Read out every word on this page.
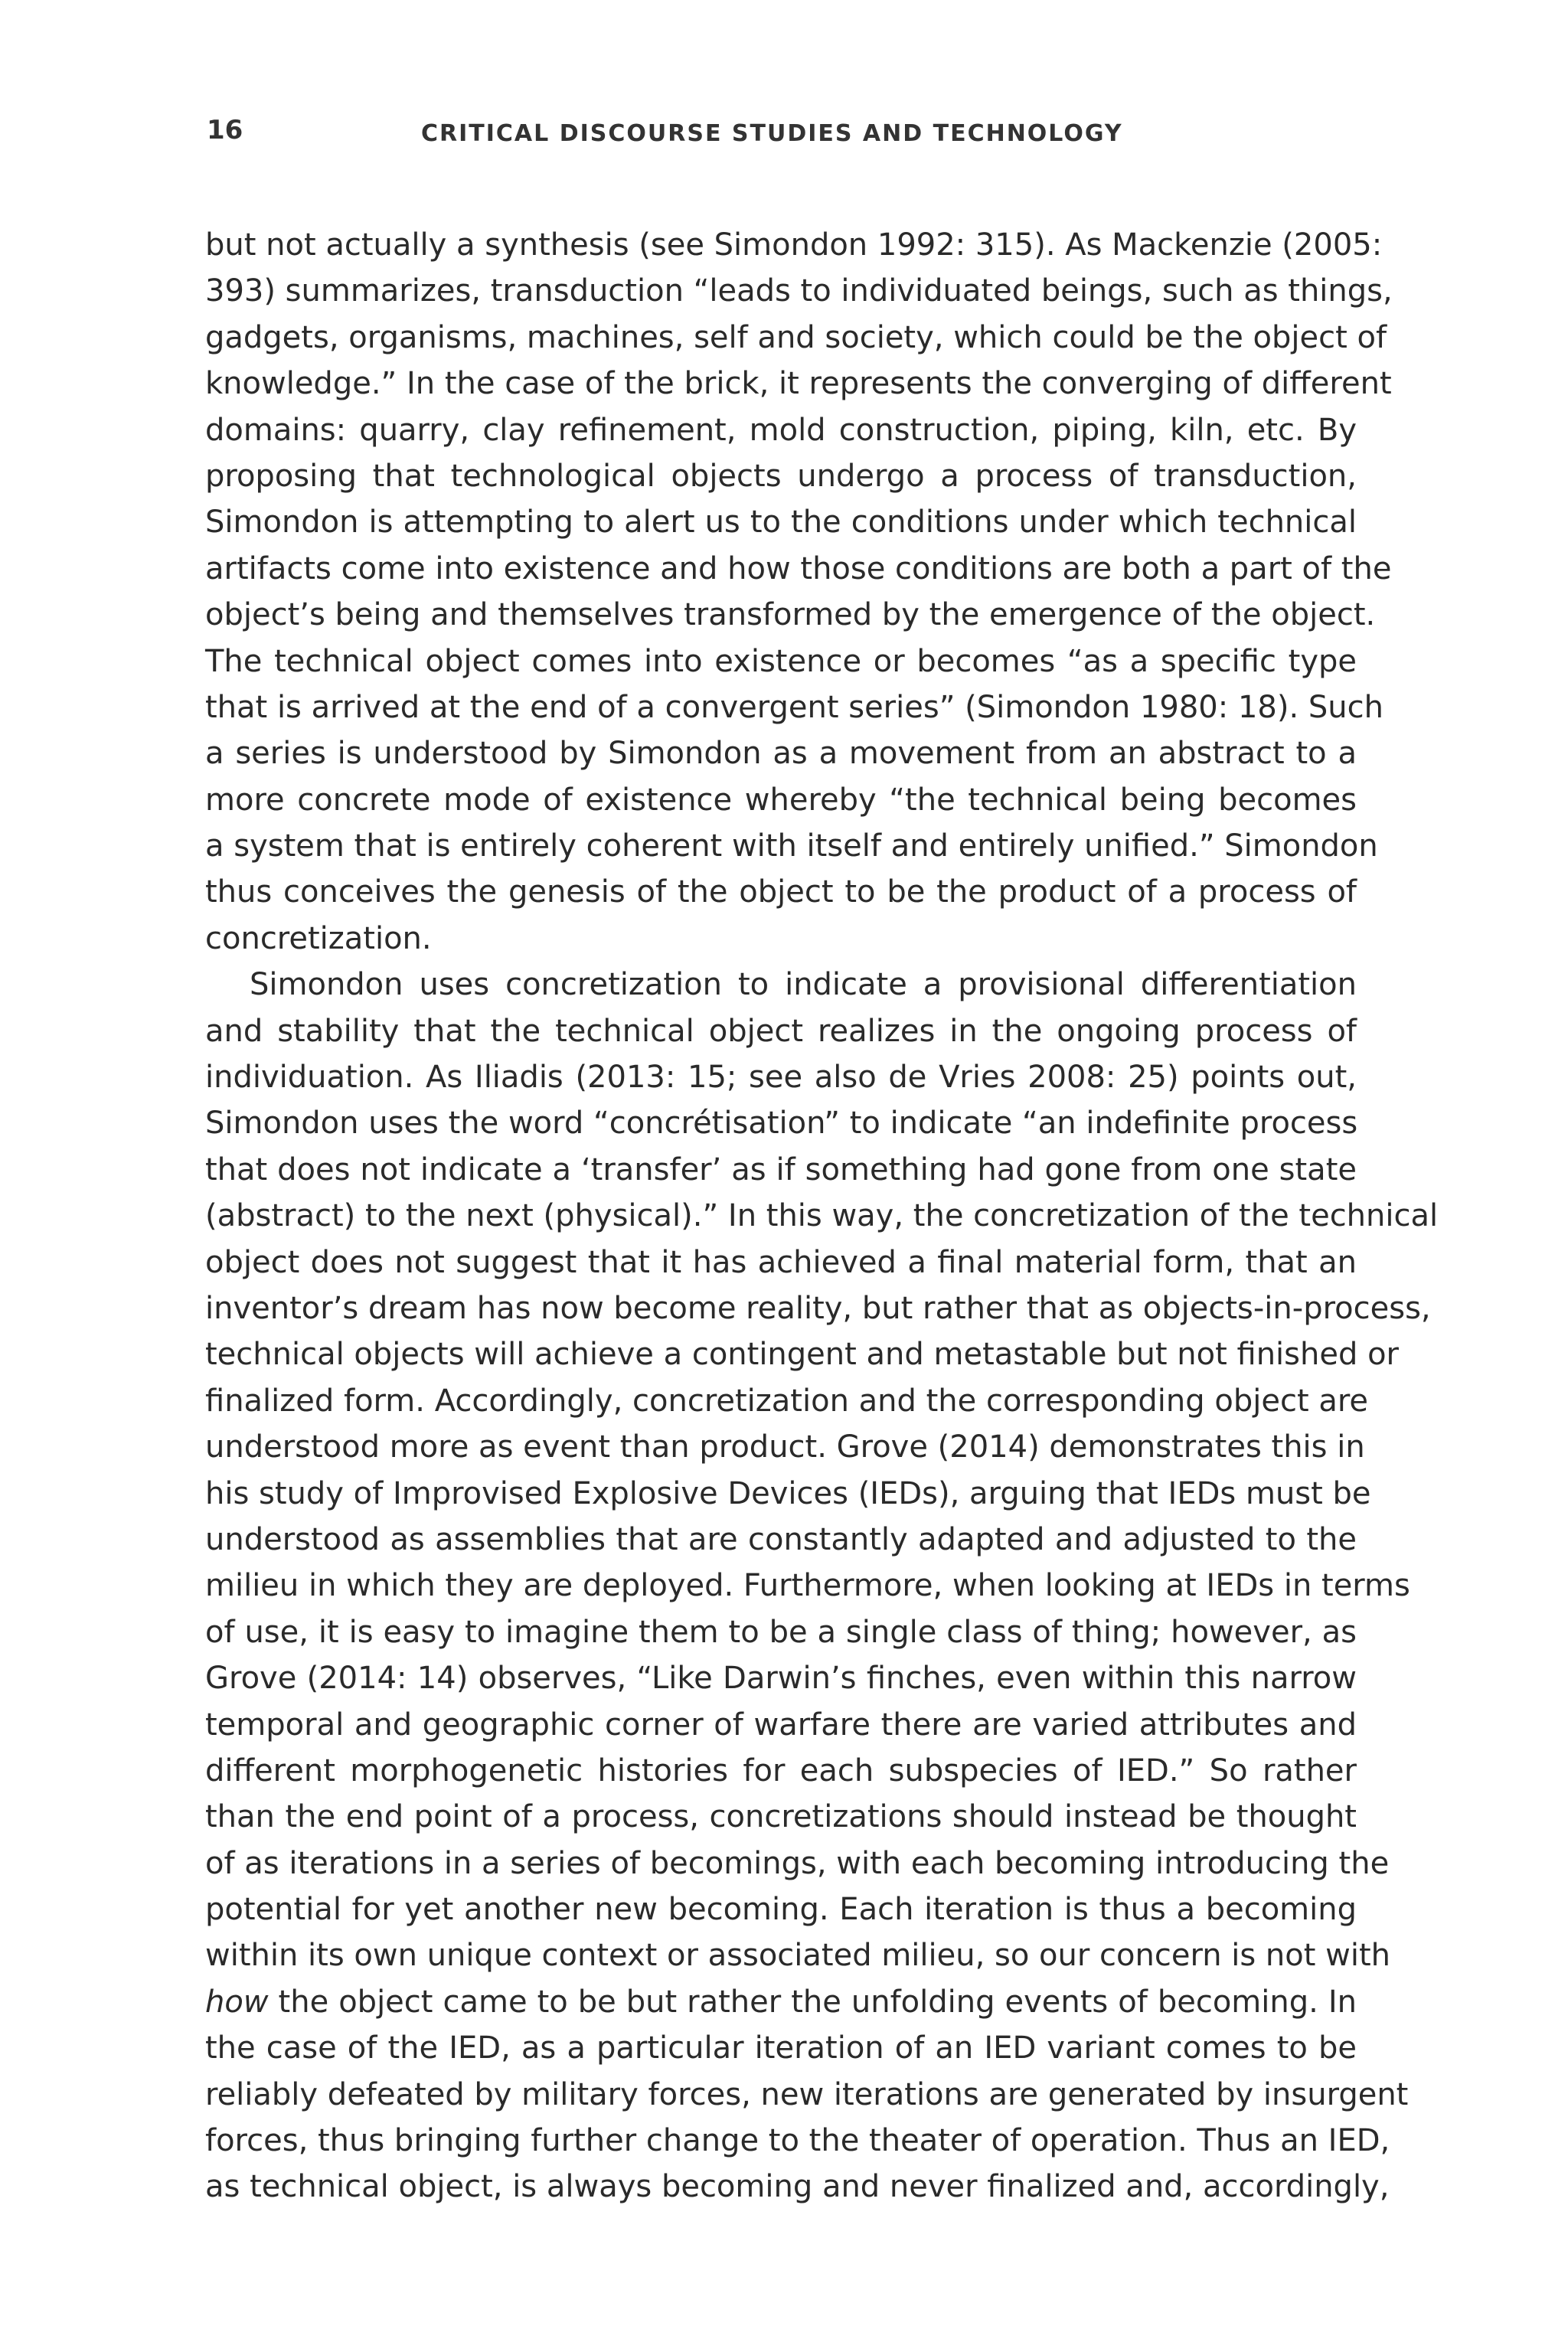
16	CRITICAL DISCOURSE STUDIES AND TECHNOLOGY
but not actually a synthesis (see Simondon 1992: 315). As Mackenzie (2005:
393) summarizes, transduction “leads to individuated beings, such as things,
gadgets, organisms, machines, self and society, which could be the object of
knowledge.” In the case of the brick, it represents the converging of different
domains: quarry, clay refinement, mold construction, piping, kiln, etc. By
proposing that technological objects undergo a process of transduction,
Simondon is attempting to alert us to the conditions under which technical
artifacts come into existence and how those conditions are both a part of the
object’s being and themselves transformed by the emergence of the object.
The technical object comes into existence or becomes “as a specific type
that is arrived at the end of a convergent series” (Simondon 1980: 18). Such
a series is understood by Simondon as a movement from an abstract to a
more concrete mode of existence whereby “the technical being becomes
a system that is entirely coherent with itself and entirely unified.” Simondon
thus conceives the genesis of the object to be the product of a process of
concretization.
Simondon uses concretization to indicate a provisional differentiation
and stability that the technical object realizes in the ongoing process of
individuation. As Iliadis (2013: 15; see also de Vries 2008: 25) points out,
Simondon uses the word “concrétisation” to indicate “an indefinite process
that does not indicate a ‘transfer’ as if something had gone from one state
(abstract) to the next (physical).” In this way, the concretization of the technical
object does not suggest that it has achieved a final material form, that an
inventor’s dream has now become reality, but rather that as objects-in-process,
technical objects will achieve a contingent and metastable but not finished or
finalized form. Accordingly, concretization and the corresponding object are
understood more as event than product. Grove (2014) demonstrates this in
his study of Improvised Explosive Devices (IEDs), arguing that IEDs must be
understood as assemblies that are constantly adapted and adjusted to the
milieu in which they are deployed. Furthermore, when looking at IEDs in terms
of use, it is easy to imagine them to be a single class of thing; however, as
Grove (2014: 14) observes, “Like Darwin’s finches, even within this narrow
temporal and geographic corner of warfare there are varied attributes and
different morphogenetic histories for each subspecies of IED.” So rather
than the end point of a process, concretizations should instead be thought
of as iterations in a series of becomings, with each becoming introducing the
potential for yet another new becoming. Each iteration is thus a becoming
within its own unique context or associated milieu, so our concern is not with
how the object came to be but rather the unfolding events of becoming. In
the case of the IED, as a particular iteration of an IED variant comes to be
reliably defeated by military forces, new iterations are generated by insurgent
forces, thus bringing further change to the theater of operation. Thus an IED,
as technical object, is always becoming and never finalized and, accordingly,
